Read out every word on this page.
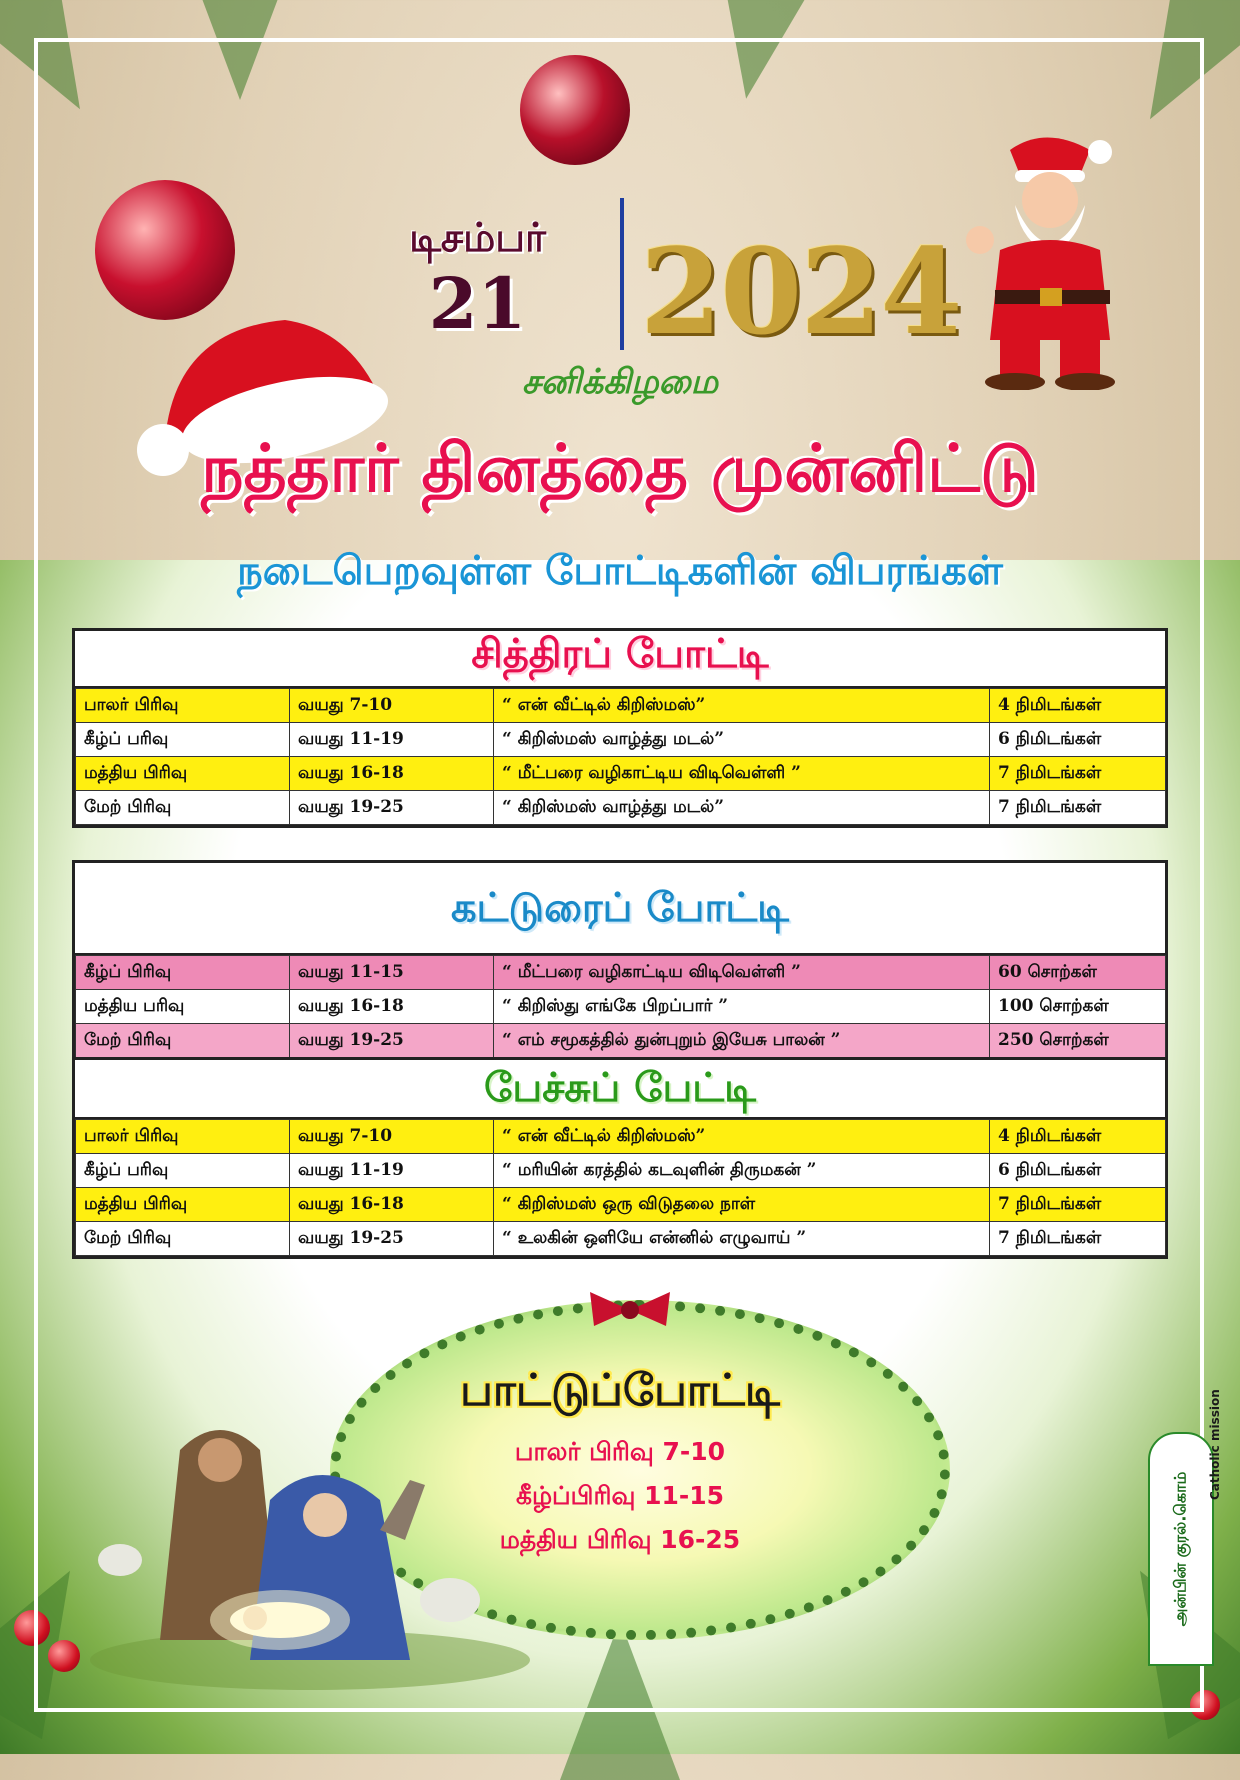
டிசம்பர்
21 2024
சனிக்கிழமை
நத்தார் தினத்தை முன்னிட்டு
நடைபெறவுள்ள போட்டிகளின் விபரங்கள்
சித்திரப் போட்டி
பாலர் பிரிவு	வயது 7-10	“ என் வீட்டில் கிறிஸ்மஸ்”	4 நிமிடங்கள்
கீழ்ப் பரிவு	வயது 11-19	“ கிறிஸ்மஸ் வாழ்த்து மடல்”	6 நிமிடங்கள்
மத்திய பிரிவு	வயது 16-18	“ மீட்பரை வழிகாட்டிய விடிவெள்ளி ”	7 நிமிடங்கள்
மேற் பிரிவு	வயது 19-25	“ கிறிஸ்மஸ் வாழ்த்து மடல்”	7 நிமிடங்கள்
கட்டுரைப் போட்டி
கீழ்ப் பிரிவு	வயது 11-15	“ மீட்பரை வழிகாட்டிய விடிவெள்ளி ”	60 சொற்கள்
மத்திய பரிவு	வயது 16-18	“ கிறிஸ்து எங்கே பிறப்பார் ”	100 சொற்கள்
மேற் பிரிவு	வயது 19-25	“ எம் சமூகத்தில் துன்புறும் இயேசு பாலன் ”	250 சொற்கள்
பேச்சுப் பேட்டி
பாலர் பிரிவு	வயது 7-10	“ என் வீட்டில் கிறிஸ்மஸ்”	4 நிமிடங்கள்
கீழ்ப் பரிவு	வயது 11-19	“ மரியின் கரத்தில் கடவுளின் திருமகன் ”	6 நிமிடங்கள்
மத்திய பிரிவு	வயது 16-18	“ கிறிஸ்மஸ் ஒரு விடுதலை நாள்	7 நிமிடங்கள்
மேற் பிரிவு	வயது 19-25	“ உலகின் ஒளியே என்னில் எழுவாய் ”	7 நிமிடங்கள்
பாட்டுப்போட்டி
பாலர் பிரிவு 7-10
கீழ்ப்பிரிவு 11-15
மத்திய பிரிவு 16-25	அன்பின் குரல்.கொம்
Catholic mission
